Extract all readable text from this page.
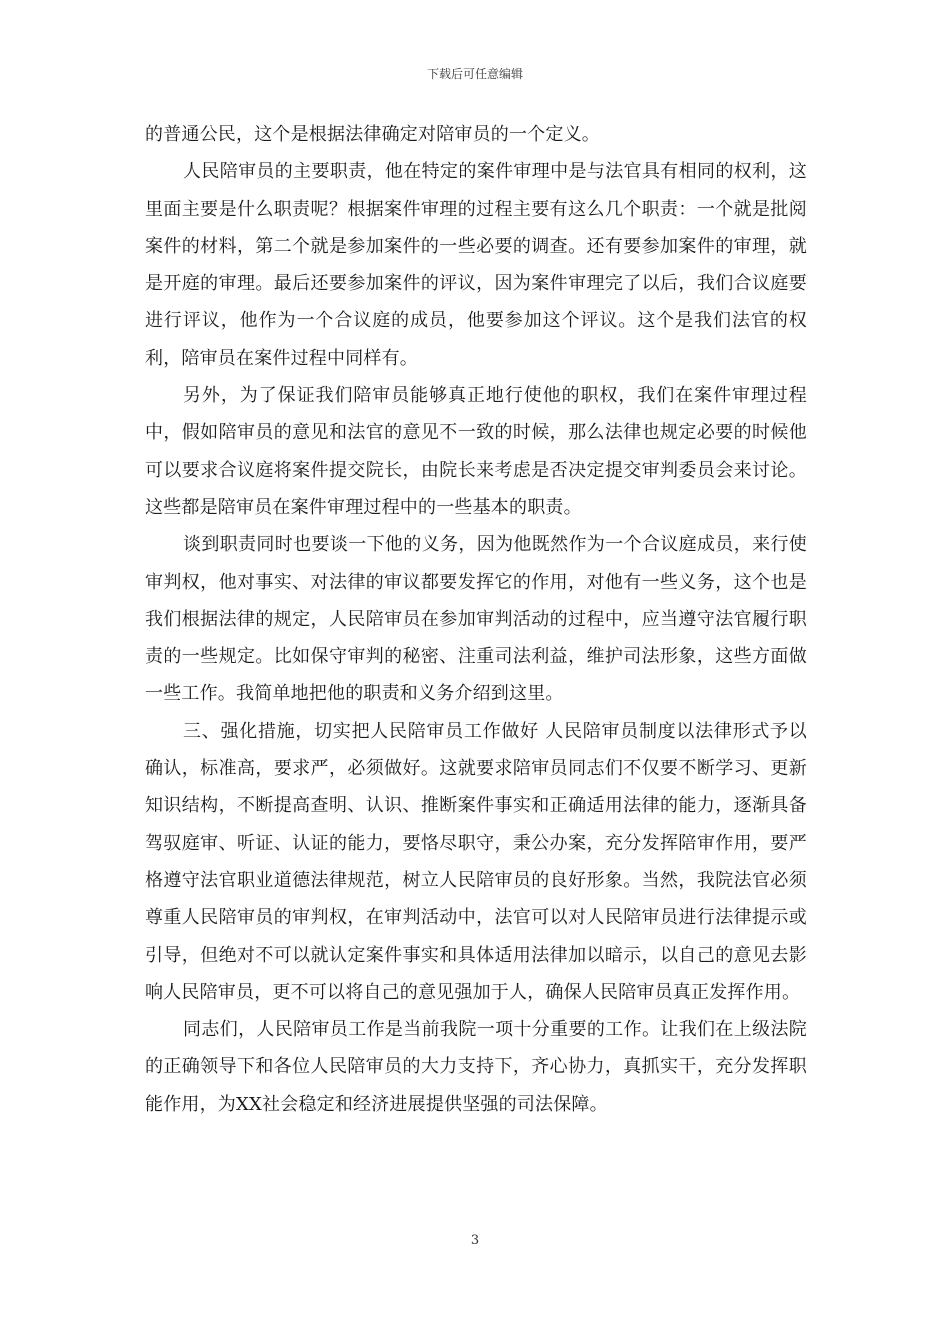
下载后可任意编辑

的普通公民，这个是根据法律确定对陪审员的一个定义。

人民陪审员的主要职责，他在特定的案件审理中是与法官具有相同的权利，这里面主要是什么职责呢？根据案件审理的过程主要有这么几个职责：一个就是批阅案件的材料，第二个就是参加案件的一些必要的调查。还有要参加案件的审理，就是开庭的审理。最后还要参加案件的评议，因为案件审理完了以后，我们合议庭要进行评议，他作为一个合议庭的成员，他要参加这个评议。这个是我们法官的权利，陪审员在案件过程中同样有。

另外，为了保证我们陪审员能够真正地行使他的职权，我们在案件审理过程中，假如陪审员的意见和法官的意见不一致的时候，那么法律也规定必要的时候他可以要求合议庭将案件提交院长，由院长来考虑是否决定提交审判委员会来讨论。这些都是陪审员在案件审理过程中的一些基本的职责。

谈到职责同时也要谈一下他的义务，因为他既然作为一个合议庭成员，来行使审判权，他对事实、对法律的审议都要发挥它的作用，对他有一些义务，这个也是我们根据法律的规定，人民陪审员在参加审判活动的过程中，应当遵守法官履行职责的一些规定。比如保守审判的秘密、注重司法利益，维护司法形象，这些方面做一些工作。我简单地把他的职责和义务介绍到这里。

三、强化措施，切实把人民陪审员工作做好 人民陪审员制度以法律形式予以确认，标准高，要求严，必须做好。这就要求陪审员同志们不仅要不断学习、更新知识结构，不断提高查明、认识、推断案件事实和正确适用法律的能力，逐渐具备驾驭庭审、听证、认证的能力，要恪尽职守，秉公办案，充分发挥陪审作用，要严格遵守法官职业道德法律规范，树立人民陪审员的良好形象。当然，我院法官必须尊重人民陪审员的审判权，在审判活动中，法官可以对人民陪审员进行法律提示或引导，但绝对不可以就认定案件事实和具体适用法律加以暗示，以自己的意见去影响人民陪审员，更不可以将自己的意见强加于人，确保人民陪审员真正发挥作用。

同志们，人民陪审员工作是当前我院一项十分重要的工作。让我们在上级法院的正确领导下和各位人民陪审员的大力支持下，齐心协力，真抓实干，充分发挥职能作用，为XX社会稳定和经济进展提供坚强的司法保障。

3
